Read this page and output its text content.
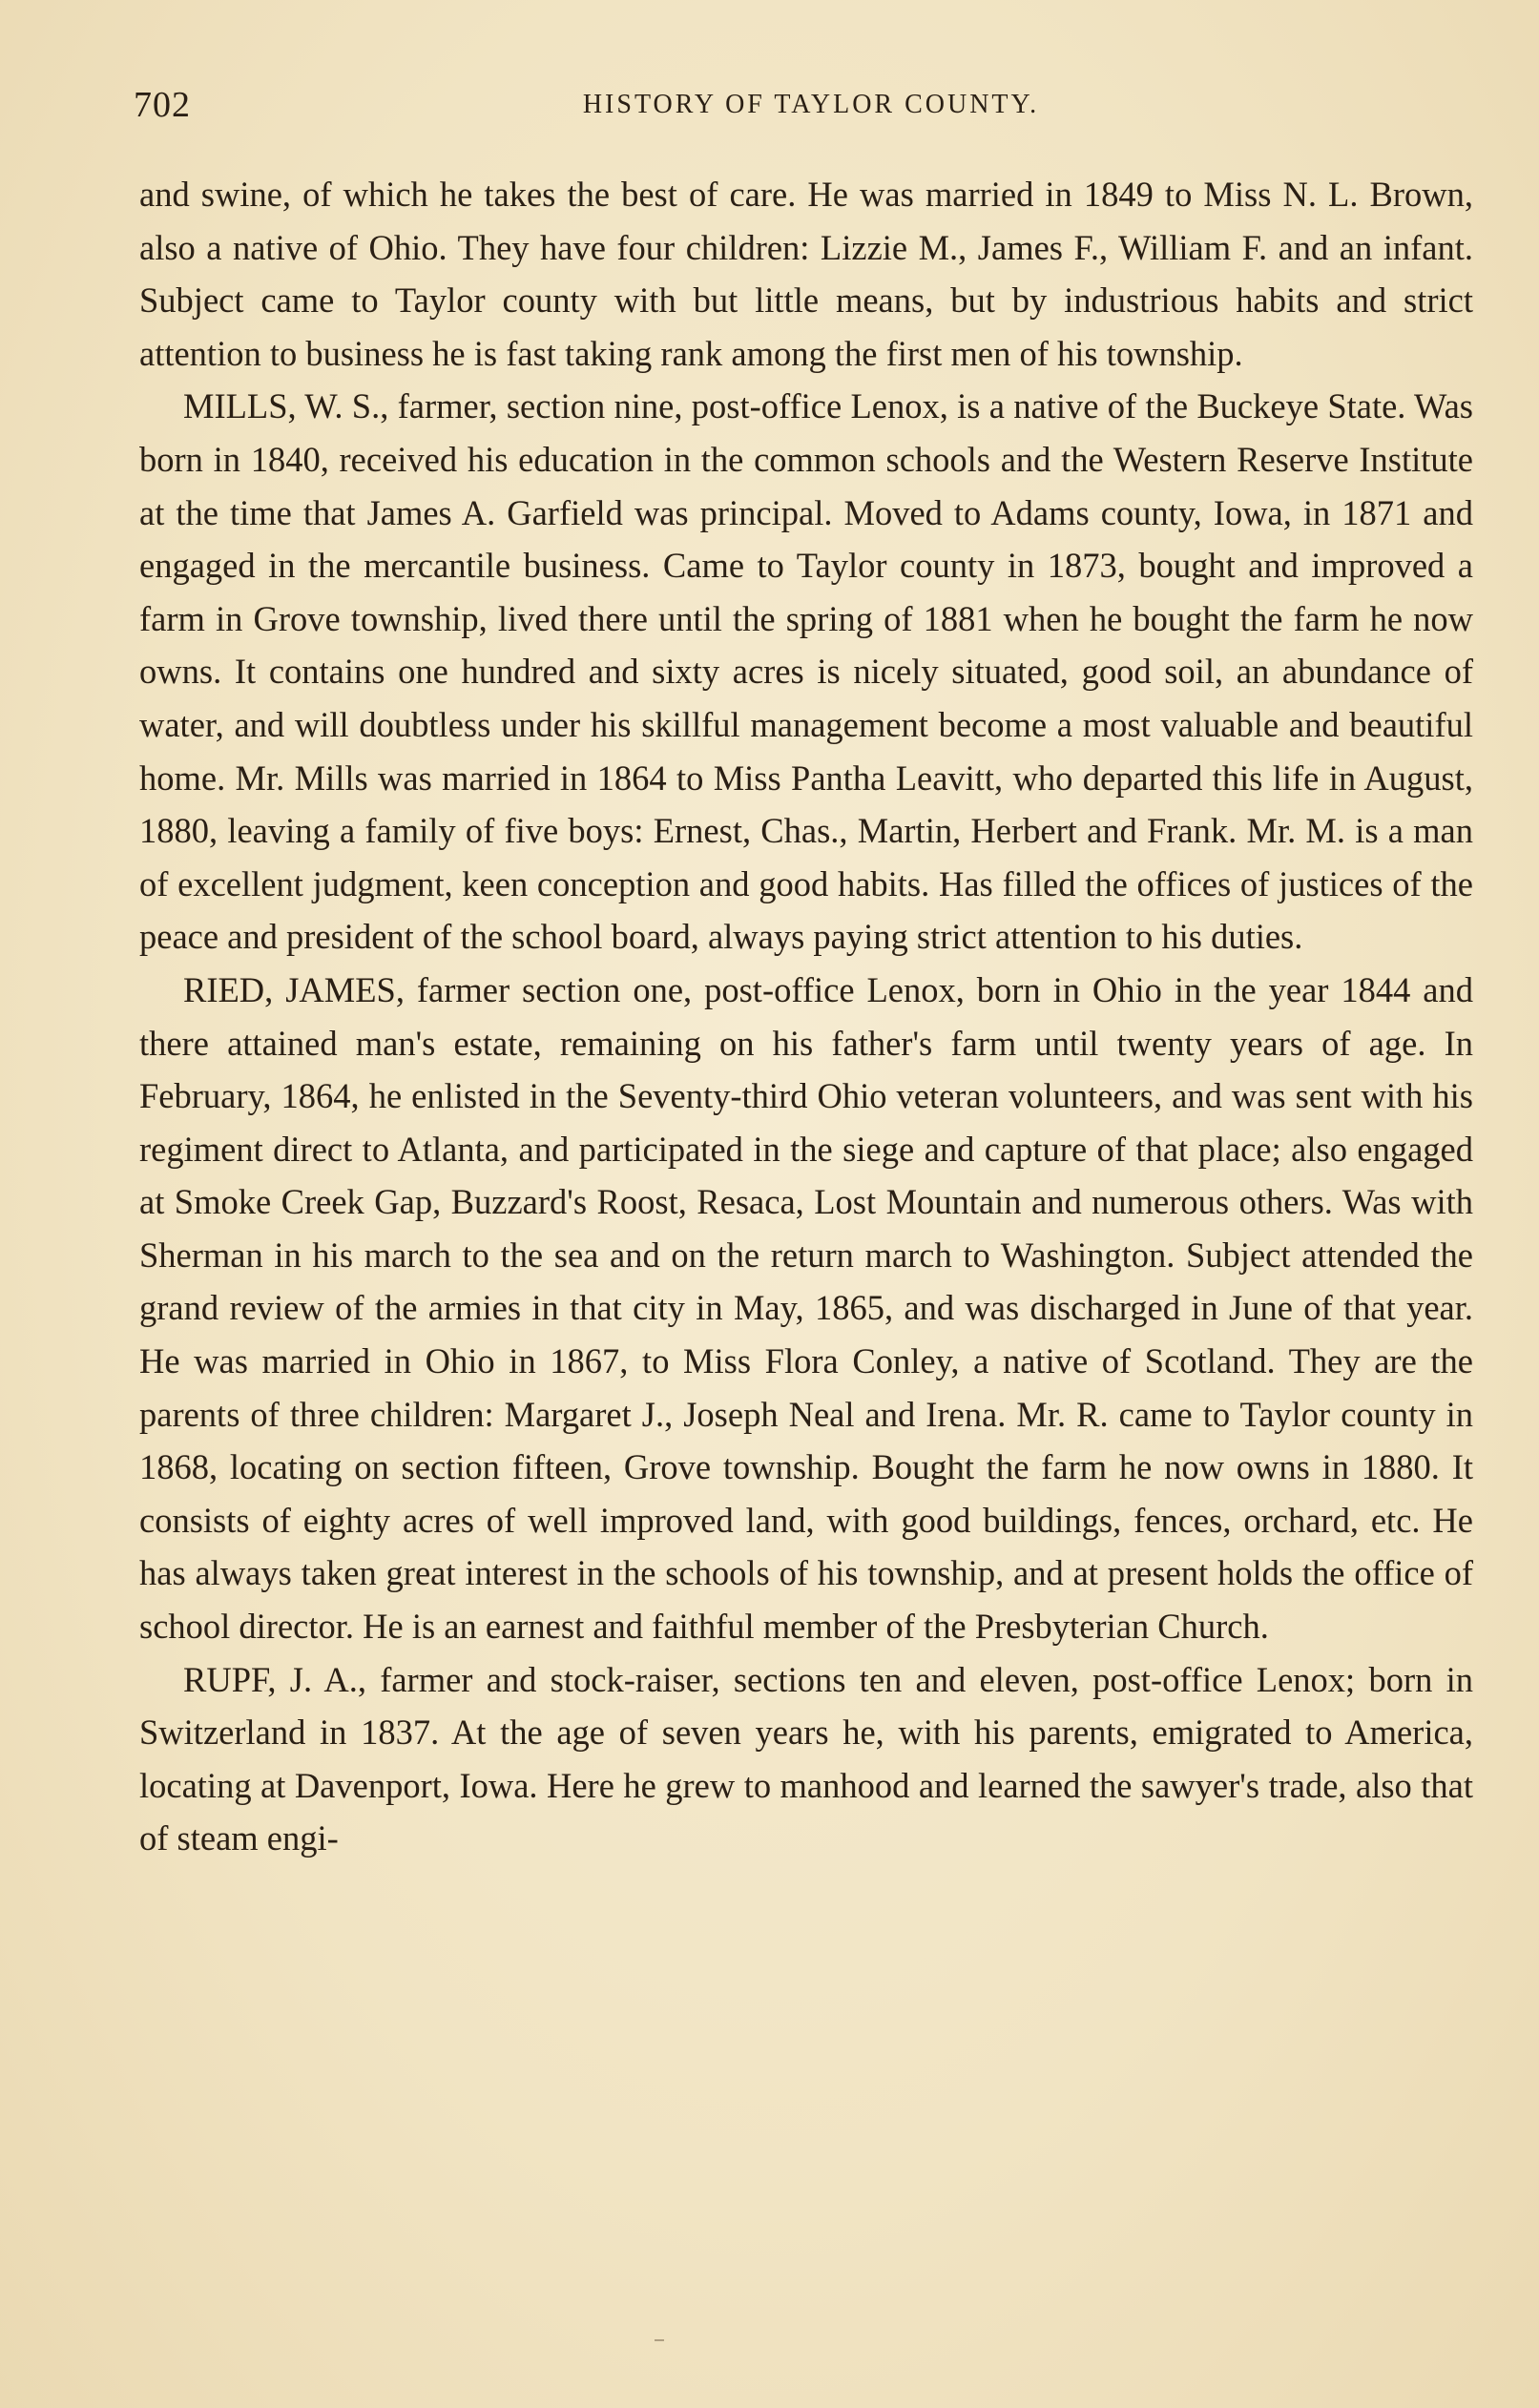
702	HISTORY OF TAYLOR COUNTY.

and swine, of which he takes the best of care. He was married in 1849 to Miss N. L. Brown, also a native of Ohio. They have four children: Lizzie M., James F., William F. and an infant. Subject came to Taylor county with but little means, but by industrious habits and strict attention to business he is fast taking rank among the first men of his township.

MILLS, W. S., farmer, section nine, post-office Lenox, is a native of the Buckeye State. Was born in 1840, received his education in the common schools and the Western Reserve Institute at the time that James A. Garfield was principal. Moved to Adams county, Iowa, in 1871 and engaged in the mercantile business. Came to Taylor county in 1873, bought and improved a farm in Grove township, lived there until the spring of 1881 when he bought the farm he now owns. It contains one hundred and sixty acres is nicely situated, good soil, an abundance of water, and will doubtless under his skillful management become a most valuable and beautiful home. Mr. Mills was married in 1864 to Miss Pantha Leavitt, who departed this life in August, 1880, leaving a family of five boys: Ernest, Chas., Martin, Herbert and Frank. Mr. M. is a man of excellent judgment, keen conception and good habits. Has filled the offices of justices of the peace and president of the school board, always paying strict attention to his duties.

RIED, JAMES, farmer section one, post-office Lenox, born in Ohio in the year 1844 and there attained man's estate, remaining on his father's farm until twenty years of age. In February, 1864, he enlisted in the Seventy-third Ohio veteran volunteers, and was sent with his regiment direct to Atlanta, and participated in the siege and capture of that place; also engaged at Smoke Creek Gap, Buzzard's Roost, Resaca, Lost Mountain and numerous others. Was with Sherman in his march to the sea and on the return march to Washington. Subject attended the grand review of the armies in that city in May, 1865, and was discharged in June of that year. He was married in Ohio in 1867, to Miss Flora Conley, a native of Scotland. They are the parents of three children: Margaret J., Joseph Neal and Irena. Mr. R. came to Taylor county in 1868, locating on section fifteen, Grove township. Bought the farm he now owns in 1880. It consists of eighty acres of well improved land, with good buildings, fences, orchard, etc. He has always taken great interest in the schools of his township, and at present holds the office of school director. He is an earnest and faithful member of the Presbyterian Church.

RUPF, J. A., farmer and stock-raiser, sections ten and eleven, post-office Lenox; born in Switzerland in 1837. At the age of seven years he, with his parents, emigrated to America, locating at Davenport, Iowa. Here he grew to manhood and learned the sawyer's trade, also that of steam engi-
